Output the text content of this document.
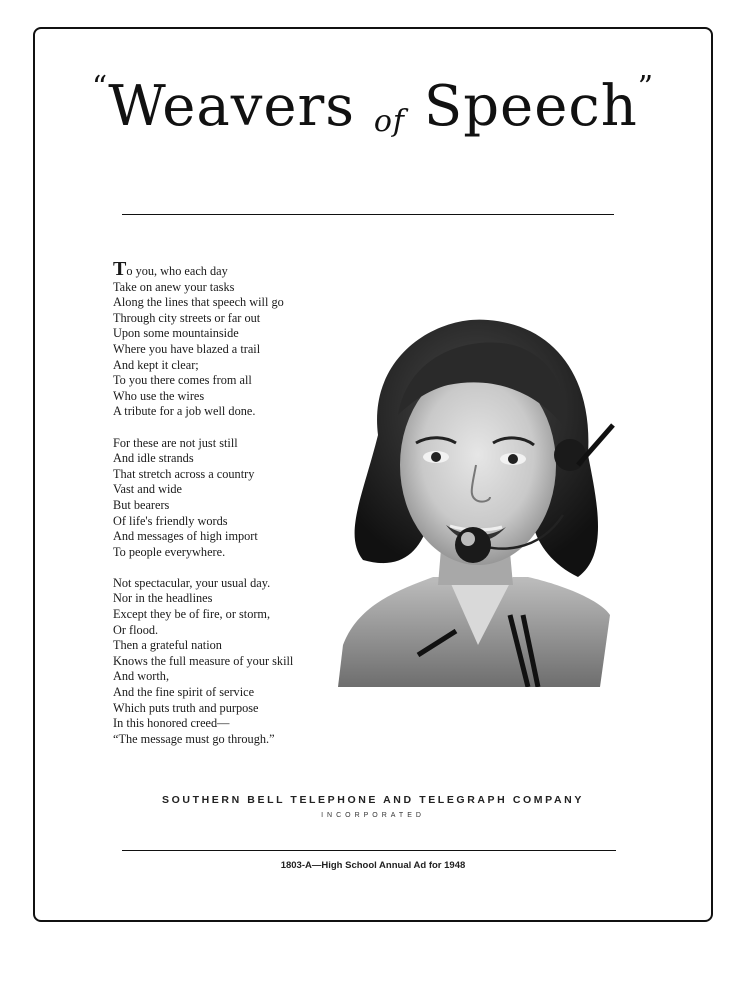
“Weavers of Speech”
To you, who each day
Take on anew your tasks
Along the lines that speech will go
Through city streets or far out
Upon some mountainside
Where you have blazed a trail
And kept it clear;
To you there comes from all
Who use the wires
A tribute for a job well done.
For these are not just still
And idle strands
That stretch across a country
Vast and wide
But bearers
Of life's friendly words
And messages of high import
To people everywhere.
Not spectacular, your usual day.
Nor in the headlines
Except they be of fire, or storm,
Or flood.
Then a grateful nation
Knows the full measure of your skill
And worth,
And the fine spirit of service
Which puts truth and purpose
In this honored creed—
“The message must go through.”
SOUTHERN BELL TELEPHONE AND TELEGRAPH COMPANY
INCORPORATED
1803-A—High School Annual Ad for 1948
